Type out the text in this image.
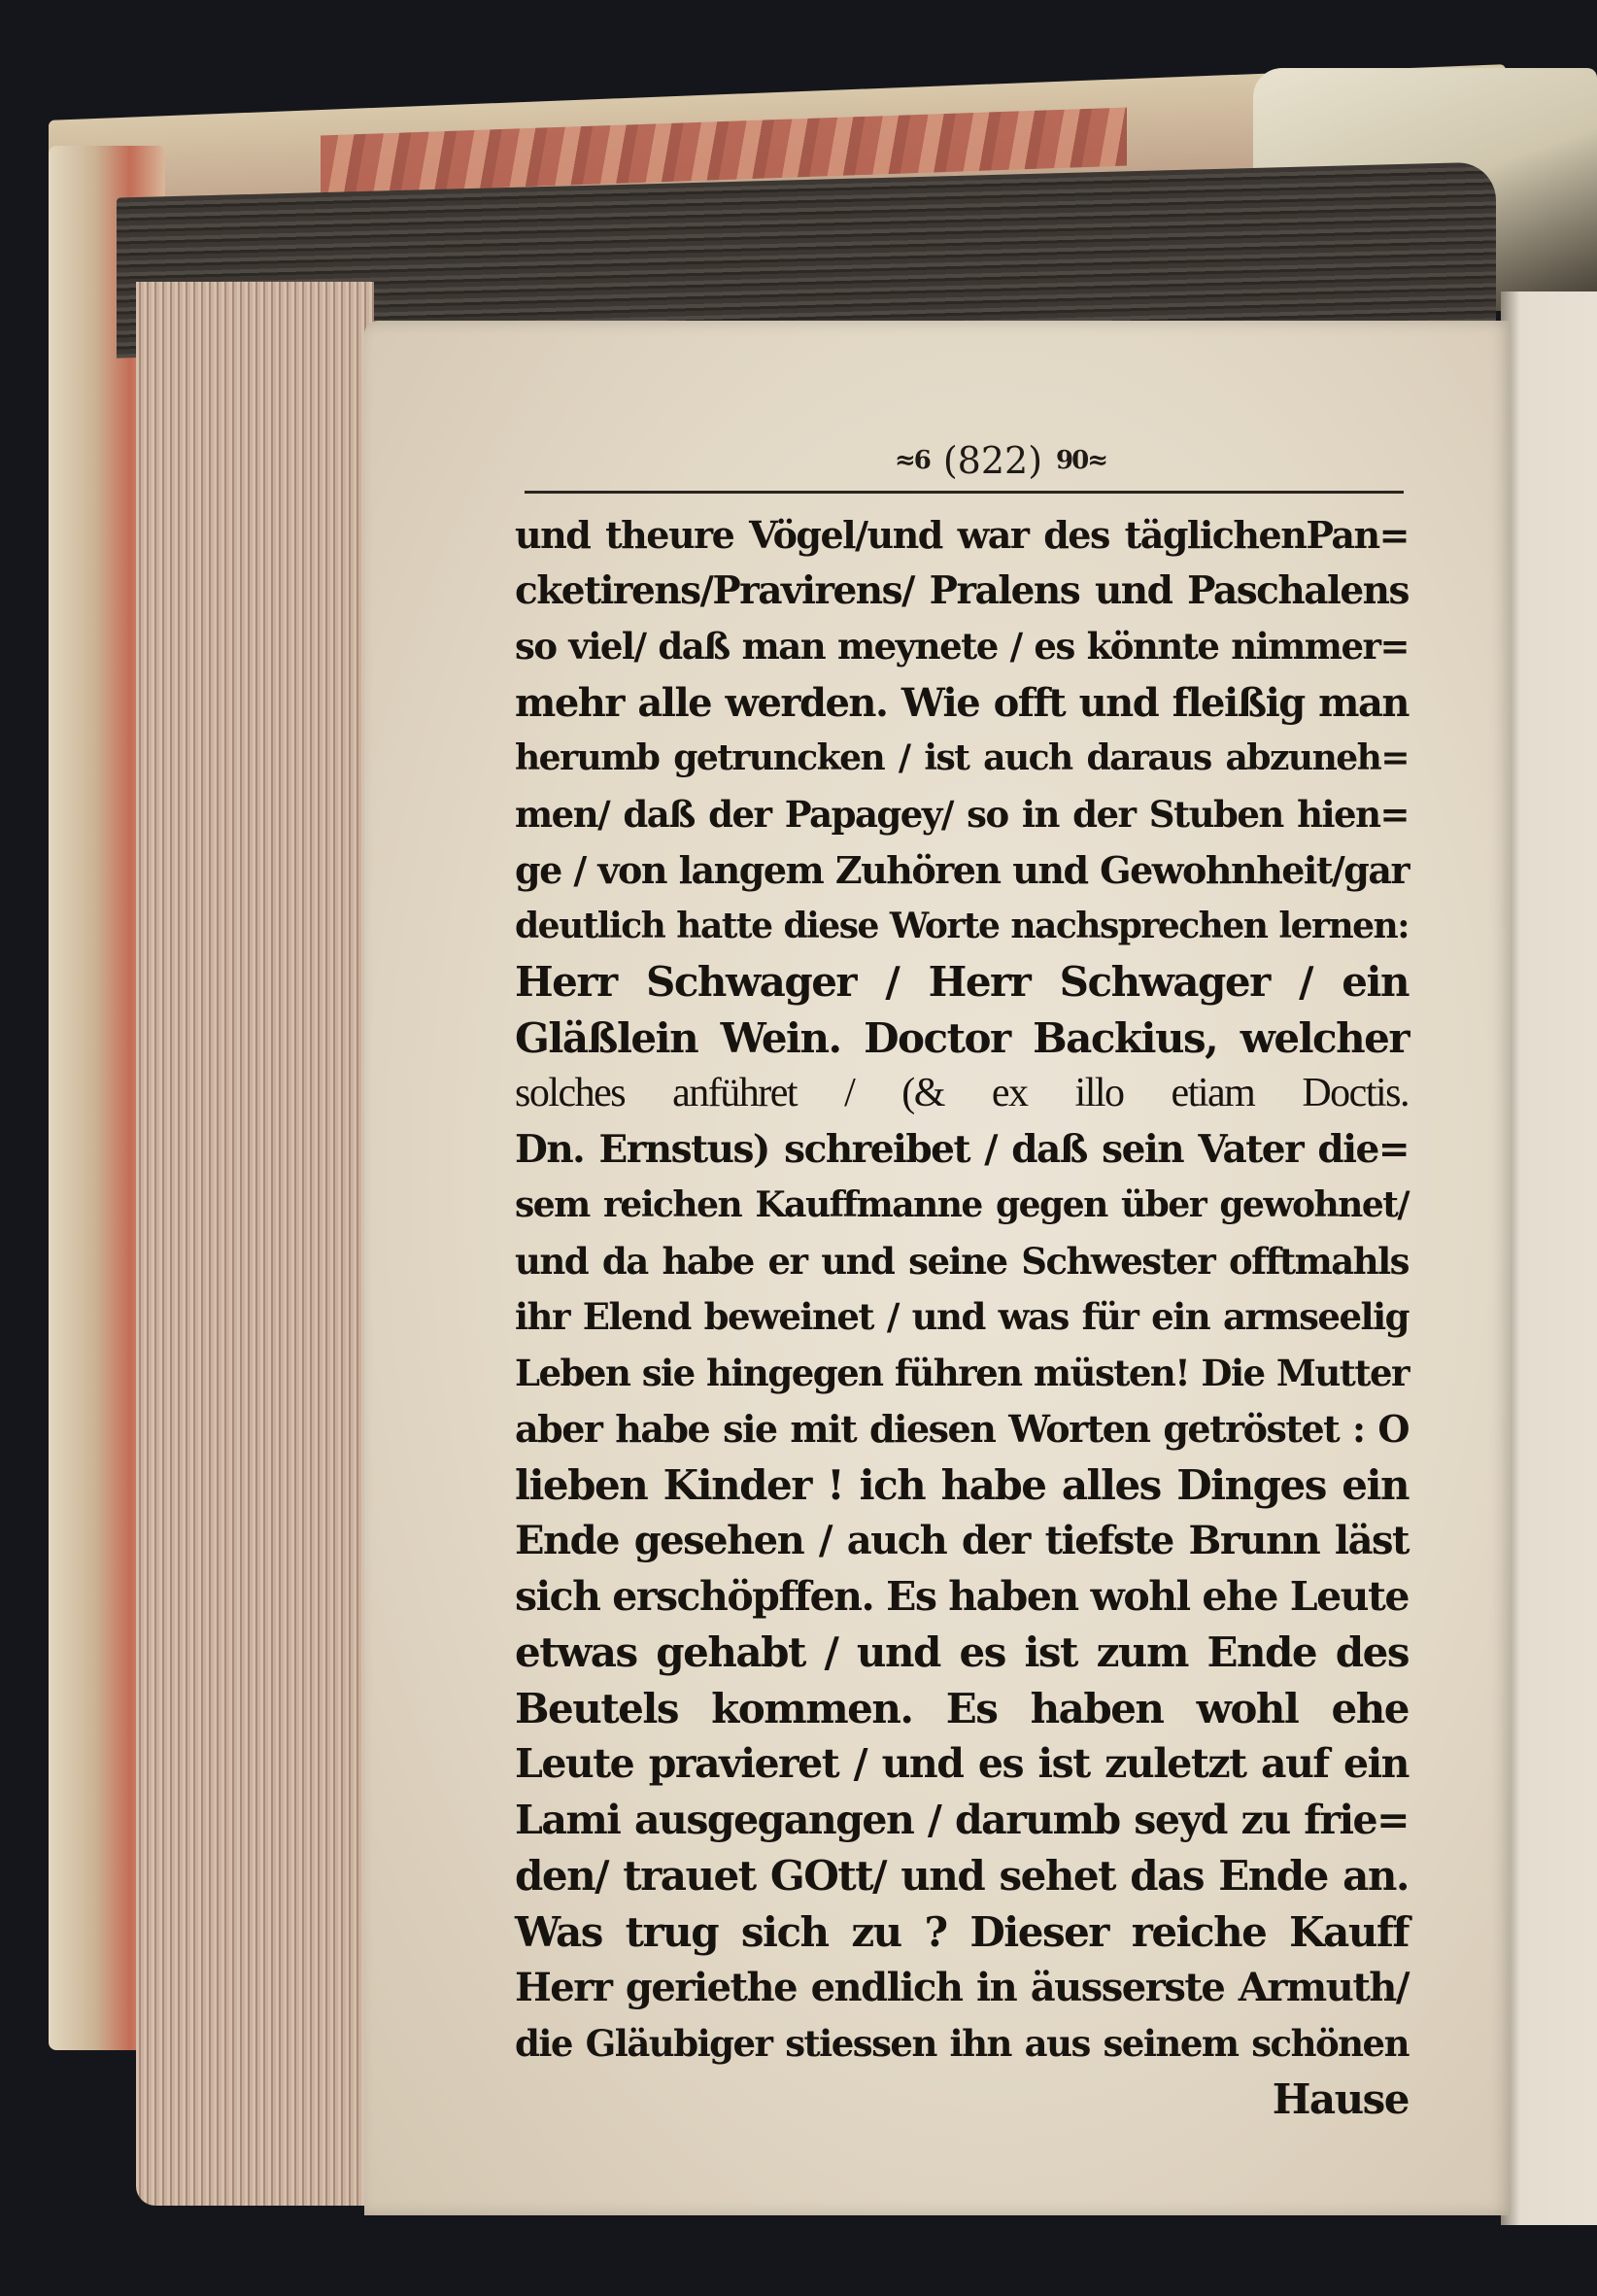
≈6 (822) 90≈
und theure Vögel/und war des täglichenPan=
cketirens/Pravirens/ Pralens und Paschalens
so viel/ daß man meynete / es könnte nimmer=
mehr alle werden. Wie offt und fleißig man
herumb getruncken / ist auch daraus abzuneh=
men/ daß der Papagey/ so in der Stuben hien=
ge / von langem Zuhören und Gewohnheit/gar
deutlich hatte diese Worte nachsprechen lernen:
Herr Schwager / Herr Schwager / ein
Gläßlein Wein. Doctor Backius, welcher
solches anführet / (& ex illo etiam Doctis.
Dn. Ernstus) schreibet / daß sein Vater die=
sem reichen Kauffmanne gegen über gewohnet/
und da habe er und seine Schwester offtmahls
ihr Elend beweinet / und was für ein armseelig
Leben sie hingegen führen müsten! Die Mutter
aber habe sie mit diesen Worten getröstet : O
lieben Kinder ! ich habe alles Dinges ein
Ende gesehen / auch der tiefste Brunn läst
sich erschöpffen. Es haben wohl ehe Leute
etwas gehabt / und es ist zum Ende des
Beutels kommen. Es haben wohl ehe
Leute pravieret / und es ist zuletzt auf ein
Lami ausgegangen / darumb seyd zu frie=
den/ trauet GOtt/ und sehet das Ende an.
Was trug sich zu ? Dieser reiche Kauff
Herr geriethe endlich in äusserste Armuth/
die Gläubiger stiessen ihn aus seinem schönen
Hause
